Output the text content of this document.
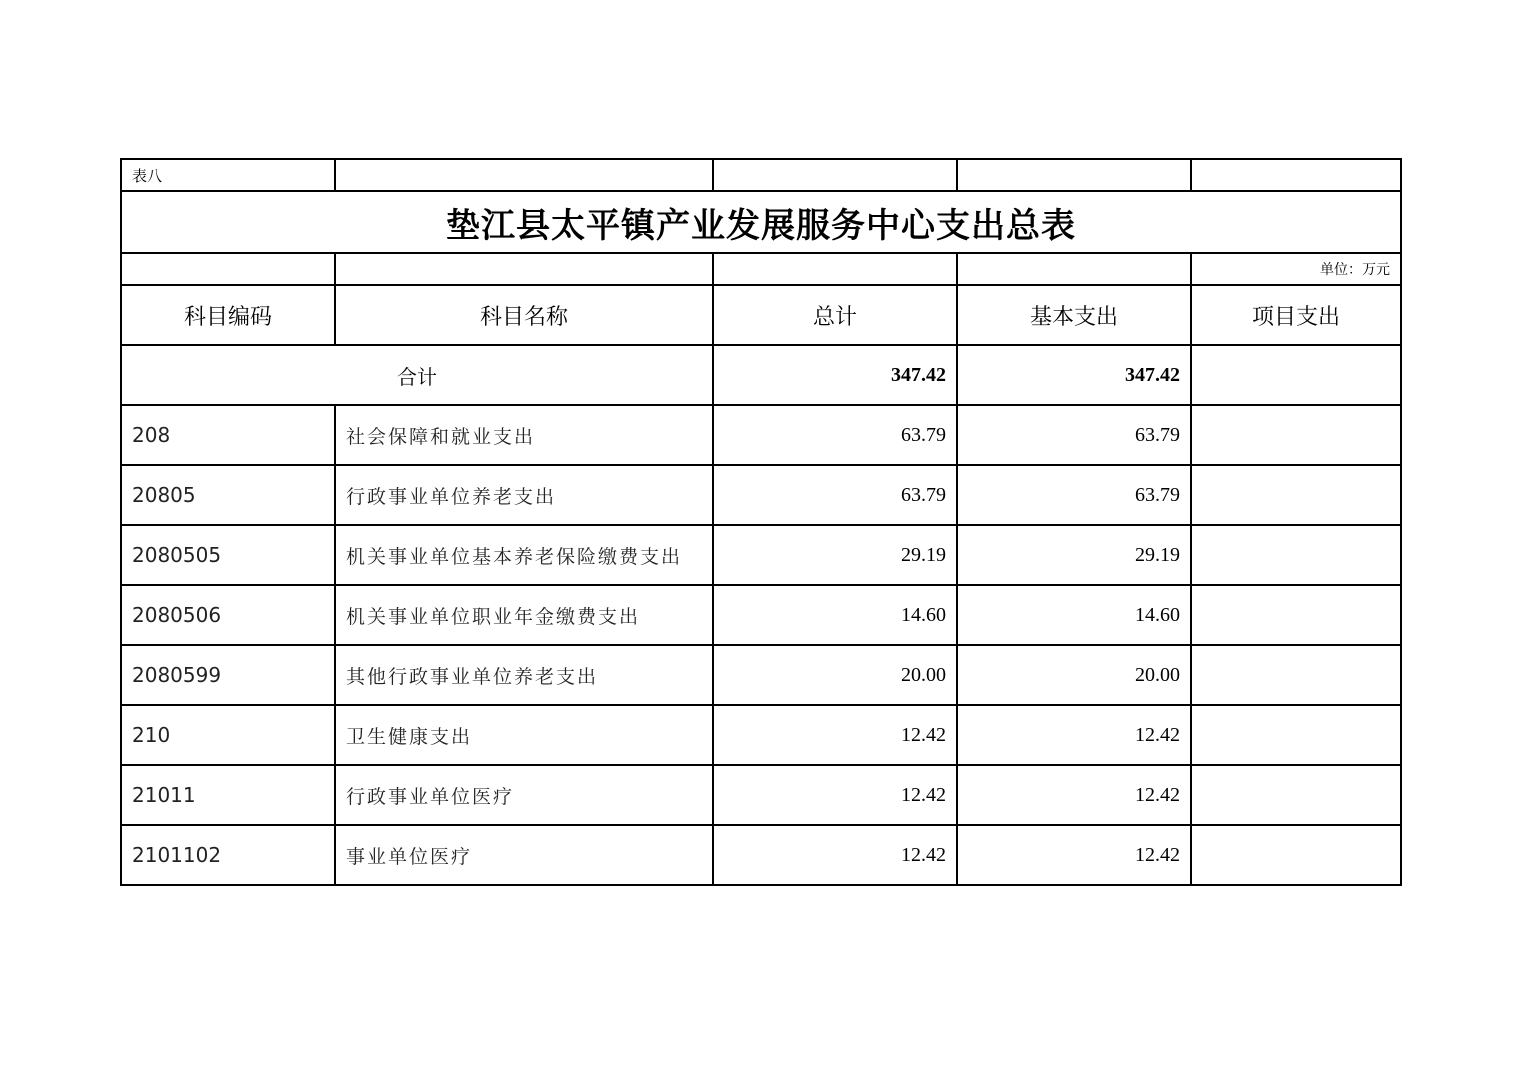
表八				
垫江县太平镇产业发展服务中心支出总表				
				单位：万元
科目编码	科目名称	总计	基本支出	项目支出
合计		347.42	347.42	
208	社会保障和就业支出	63.79	63.79	
20805	行政事业单位养老支出	63.79	63.79	
2080505	机关事业单位基本养老保险缴费支出	29.19	29.19	
2080506	机关事业单位职业年金缴费支出	14.60	14.60	
2080599	其他行政事业单位养老支出	20.00	20.00	
210	卫生健康支出	12.42	12.42	
21011	行政事业单位医疗	12.42	12.42	
2101102	事业单位医疗	12.42	12.42	
